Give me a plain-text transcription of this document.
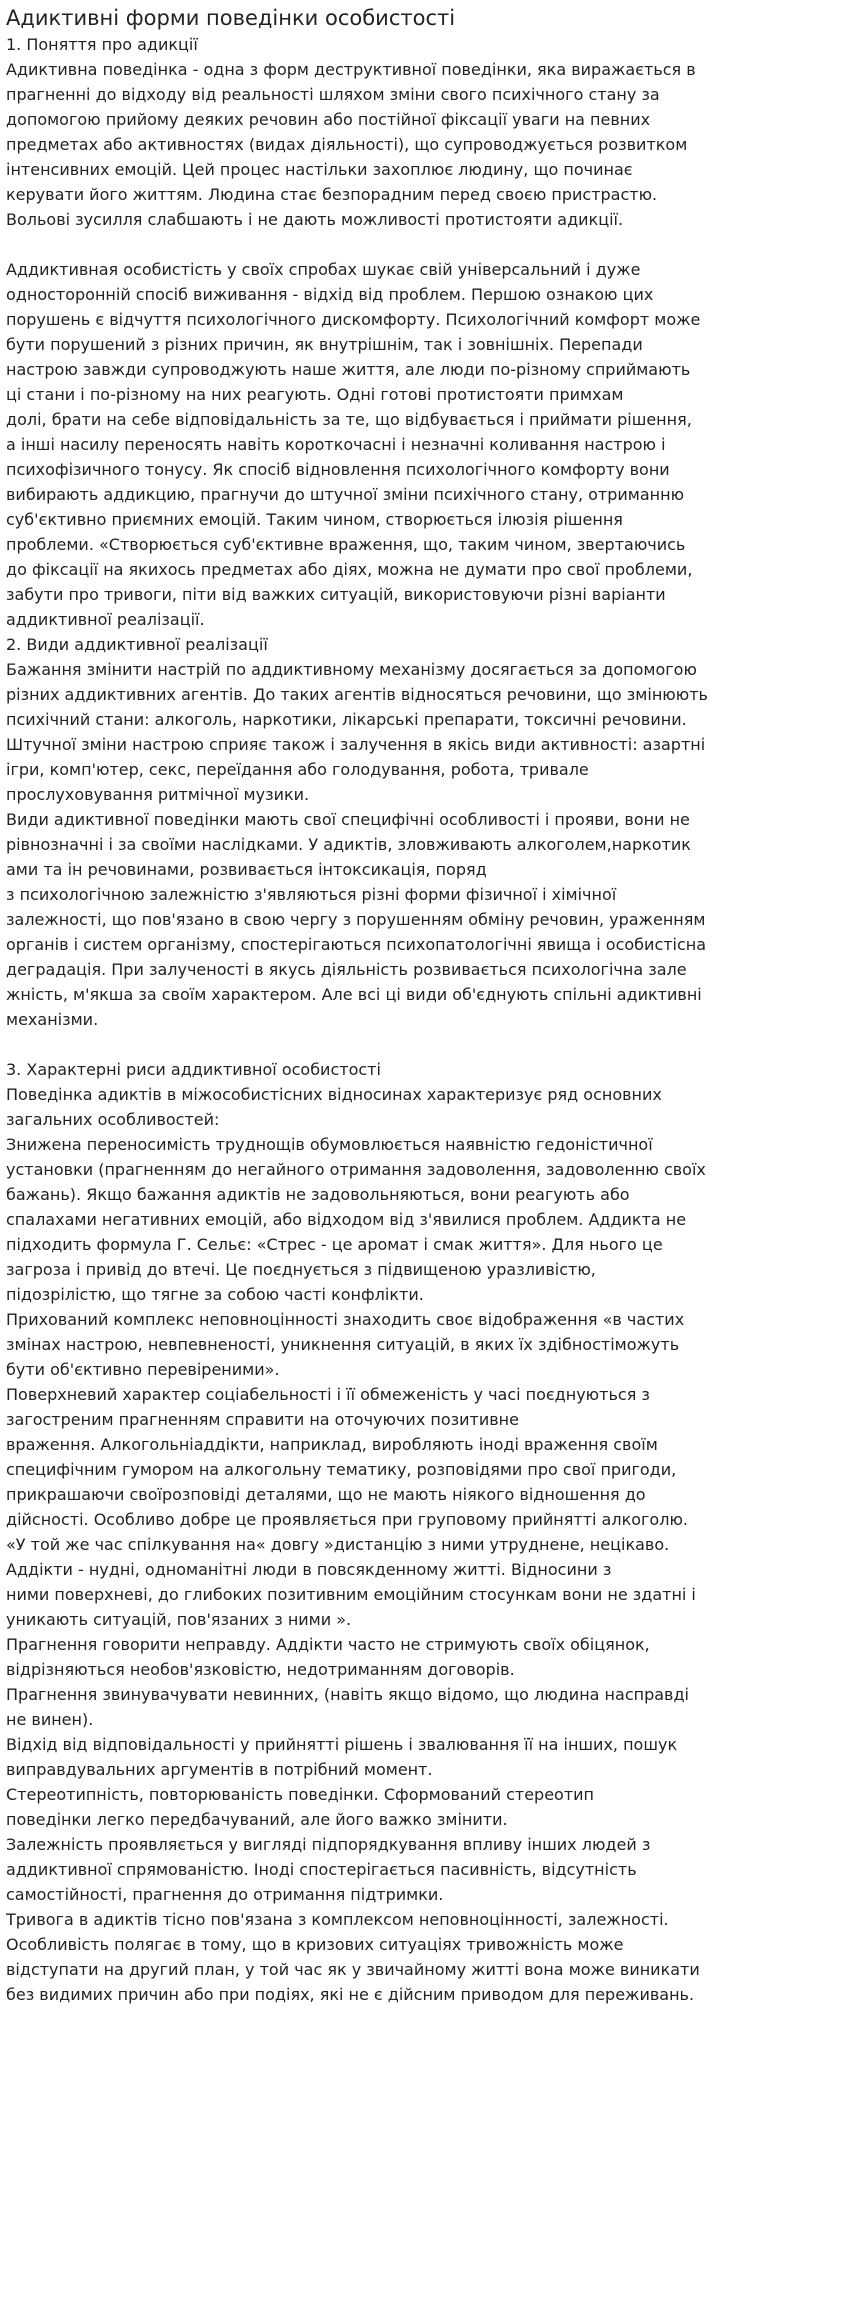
Адиктивні форми поведінки особистості
1. Поняття про адикції

Адиктивна поведінка - одна з форм деструктивної поведінки, яка виражається в
прагненні до відходу від реальності шляхом зміни свого психічного стану за
допомогою прийому деяких речовин або постійної фіксації уваги на певних
предметах або активностях (видах діяльності), що супроводжується розвитком
інтенсивних емоцій. Цей процес настільки захоплює людину, що починає
керувати його життям. Людина стає безпорадним перед своєю пристрастю.
Вольові зусилля слабшають і не дають можливості протистояти адикції.

Аддиктивная особистість у своїх спробах шукає свій універсальний і дуже
односторонній спосіб виживання - відхід від проблем. Першою ознакою цих
порушень є відчуття психологічного дискомфорту. Психологічний комфорт може
бути порушений з різних причин, як внутрішнім, так і зовнішніх. Перепади
настрою завжди супроводжують наше життя, але люди по-різному сприймають
ці стани і по-різному на них реагують. Одні готові протистояти примхам
долі, брати на себе відповідальність за те, що відбувається і приймати рішення,
а інші насилу переносять навіть короткочасні і незначні коливання настрою і
психофізичного тонусу. Як спосіб відновлення психологічного комфорту вони
вибирають аддикцию, прагнучи до штучної зміни психічного стану, отриманню
суб'єктивно приємних емоцій. Таким чином, створюється ілюзія рішення
проблеми. «Створюється суб'єктивне враження, що, таким чином, звертаючись
до фіксації на якихось предметах або діях, можна не думати про свої проблеми,
забути про тривоги, піти від важких ситуацій, використовуючи різні варіанти
аддиктивної реалізації.

2. Види аддиктивної реалізації

Бажання змінити настрій по аддиктивному механізму досягається за допомогою
різних аддиктивних агентів. До таких агентів відносяться речовини, що змінюють
психічний стани: алкоголь, наркотики, лікарські препарати, токсичні речовини.
Штучної зміни настрою сприяє також і залучення в якісь види активності: азартні
ігри, комп'ютер, секс, переїдання або голодування, робота, тривале
прослуховування ритмічної музики.

Види адиктивної поведінки мають свої специфічні особливості і прояви, вони не
рівнозначні і за своїми наслідками. У адиктів, зловживають алкоголем,наркотик
ами та ін речовинами, розвивається інтоксикація, поряд
з психологічною залежністю з'являються різні форми фізичної і хімічної
залежності, що пов'язано в свою чергу з порушенням обміну речовин, ураженням
органів і систем організму, спостерігаються психопатологічні явища і особистісна
деградація. При залученості в якусь діяльність розвивається психологічна зале
жність, м'якша за своїм характером. Але всі ці види об'єднують спільні адиктивні
механізми.

3. Характерні риси аддиктивної особистості

Поведінка адиктів в міжособистісних відносинах характеризує ряд основних
загальних особливостей:

Знижена переносимість труднощів обумовлюється наявністю гедоністичної
установки (прагненням до негайного отримання задоволення, задоволенню своїх
бажань). Якщо бажання адиктів не задовольняються, вони реагують або
спалахами негативних емоцій, або відходом від з'явилися проблем. Аддикта не
підходить формула Г. Сельє: «Стрес - це аромат і смак життя». Для нього це
загроза і привід до втечі. Це поєднується з підвищеною уразливістю,
підозрілістю, що тягне за собою часті конфлікти.

Прихований комплекс неповноцінності знаходить своє відображення «в частих
змінах настрою, невпевненості, уникнення ситуацій, в яких їх здібностіможуть
бути об'єктивно перевіреними».

Поверхневий характер соціабельності і її обмеженість у часі поєднуються з
загостреним прагненням справити на оточуючих позитивне
враження. Алкогольніаддікти, наприклад, виробляють іноді враження своїм
специфічним гумором на алкогольну тематику, розповідями про свої пригоди,
прикрашаючи своїрозповіді деталями, що не мають ніякого відношення до
дійсності. Особливо добре це проявляється при груповому прийнятті алкоголю.
«У той же час спілкування на« довгу »дистанцію з ними утруднене, нецікаво.
Аддікти - нудні, одноманітні люди в повсякденному житті. Відносини з
ними поверхневі, до глибоких позитивним емоційним стосункам вони не здатні і
уникають ситуацій, пов'язаних з ними ».

Прагнення говорити неправду. Аддікти часто не стримують своїх обіцянок,
відрізняються необов'язковістю, недотриманням договорів.

Прагнення звинувачувати невинних, (навіть якщо відомо, що людина насправді
не винен).

Відхід від відповідальності у прийнятті рішень і звалювання її на інших, пошук
виправдувальних аргументів в потрібний момент.

Стереотипність, повторюваність поведінки. Сформований стереотип
поведінки легко передбачуваний, але його важко змінити.

Залежність проявляється у вигляді підпорядкування впливу інших людей з
аддиктивної спрямованістю. Іноді спостерігається пасивність, відсутність
самостійності, прагнення до отримання підтримки.

Тривога в адиктів тісно пов'язана з комплексом неповноцінності, залежності.
Особливість полягає в тому, що в кризових ситуаціях тривожність може
відступати на другий план, у той час як у звичайному житті вона може виникати
без видимих причин або при подіях, які не є дійсним приводом для переживань.
